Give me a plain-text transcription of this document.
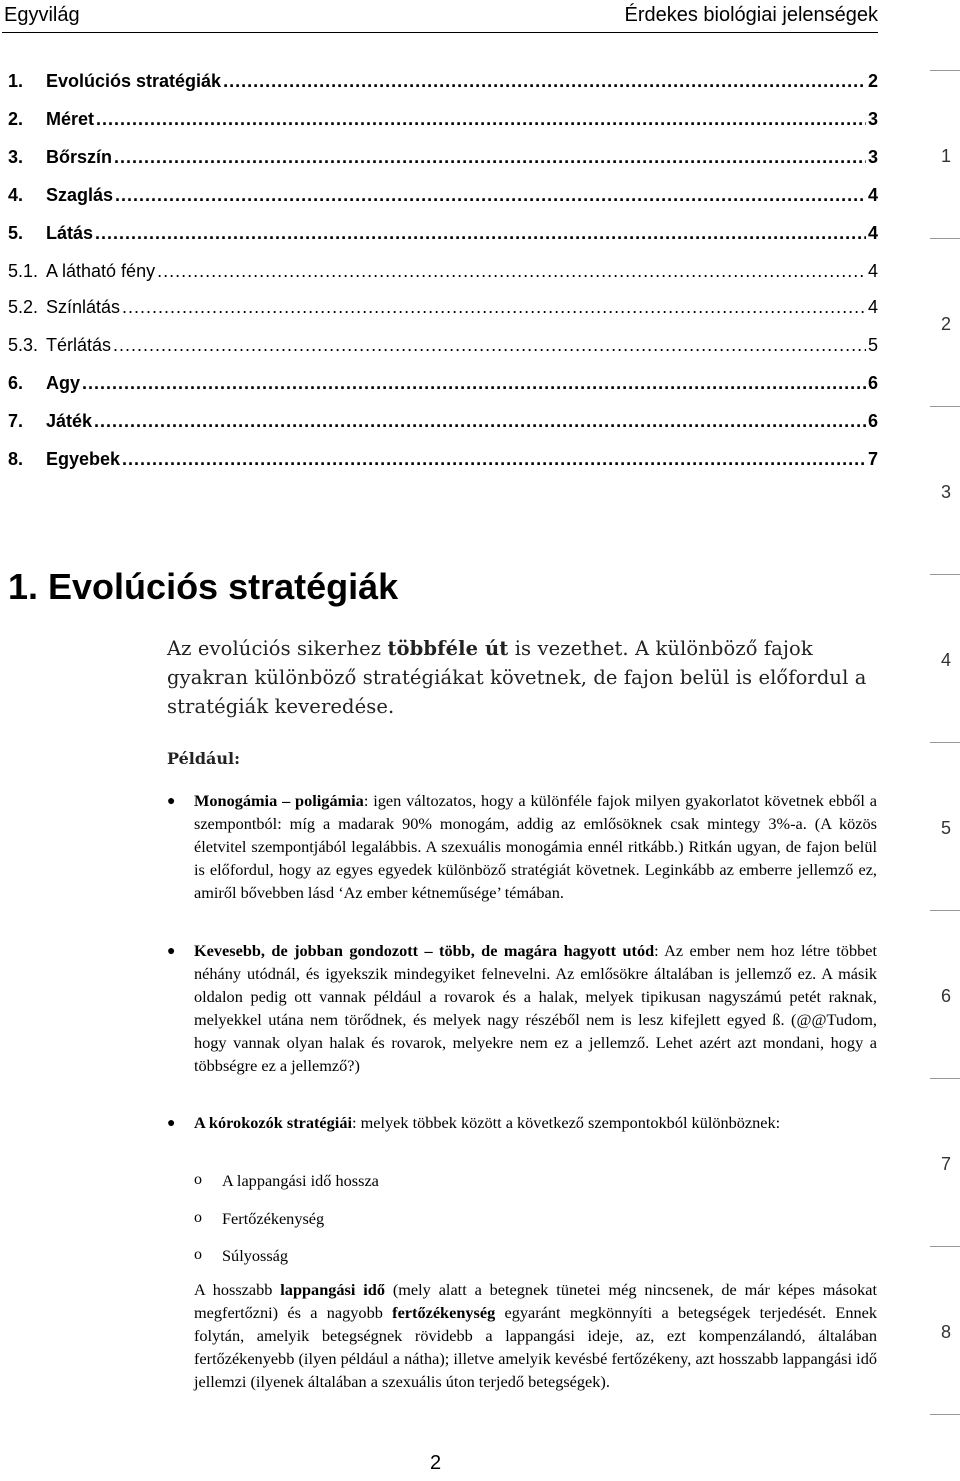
Egyvilág	Érdekes biológiai jelenségek
1.	Evolúciós stratégiák .....	2
2.	Méret .....	3
3.	Bőrszín .....	3
4.	Szaglás .....	4
5.	Látás .....	4
5.1. A látható fény .....	4
5.2. Színlátás .....	4
5.3. Térlátás .....	5
6.	Agy .....	6
7.	Játék .....	6
8.	Egyebek .....	7
1
2
3
4
5
6
7
8
1. Evolúciós stratégiák
Az evolúciós sikerhez többféle út is vezethet. A különböző fajok gyakran különböző stratégiákat követnek, de fajon belül is előfordul a stratégiák keveredése.
Például:
● Monogámia – poligámia: igen változatos, hogy a különféle fajok milyen gyakorlatot követnek ebből a szempontból: míg a madarak 90% monogám, addig az emlősöknek csak mintegy 3%-a. (A közös életvitel szempontjából legalábbis. A szexuális monogámia ennél ritkább.) Ritkán ugyan, de fajon belül is előfordul, hogy az egyes egyedek különböző stratégiát követnek. Leginkább az emberre jellemző ez, amiről bővebben lásd ‘Az ember kétneműsége’ témában.
● Kevesebb, de jobban gondozott – több, de magára hagyott utód: Az ember nem hoz létre többet néhány utódnál, és igyekszik mindegyiket felnevelni. Az emlősökre általában is jellemző ez. A másik oldalon pedig ott vannak például a rovarok és a halak, melyek tipikusan nagyszámú petét raknak, melyekkel utána nem törődnek, és melyek nagy részéből nem is lesz kifejlett egyed ß. (@@Tudom, hogy vannak olyan halak és rovarok, melyekre nem ez a jellemző. Lehet azért azt mondani, hogy a többségre ez a jellemző?)
● A kórokozók stratégiái: melyek többek között a következő szempontokból különböznek:
o A lappangási idő hossza
o Fertőzékenység
o Súlyosság
A hosszabb lappangási idő (mely alatt a betegnek tünetei még nincsenek, de már képes másokat megfertőzni) és a nagyobb fertőzékenység egyaránt megkönnyíti a betegségek terjedését. Ennek folytán, amelyik betegségnek rövidebb a lappangási ideje, az, ezt kompenzálandó, általában fertőzékenyebb (ilyen például a nátha); illetve amelyik kevésbé fertőzékeny, azt hosszabb lappangási idő jellemzi (ilyenek általában a szexuális úton terjedő betegségek).
2
